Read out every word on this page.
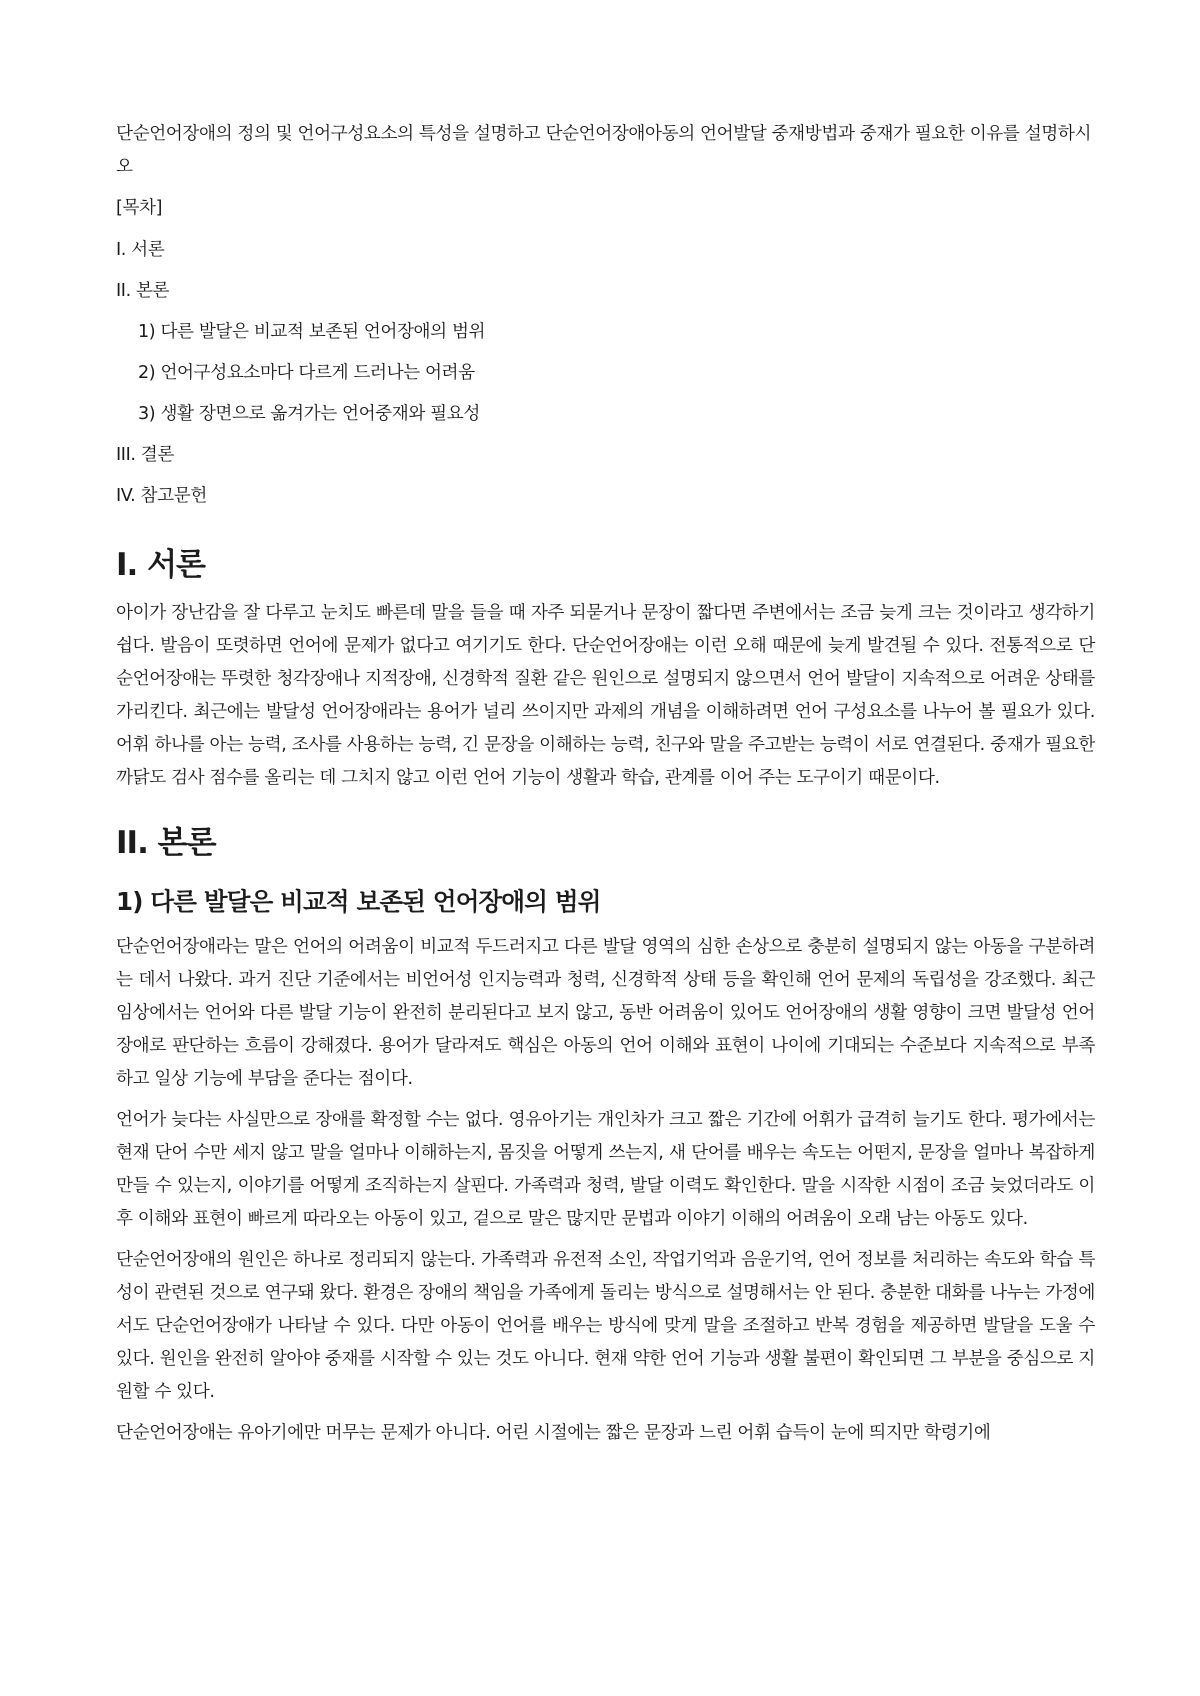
단순언어장애의 정의 및 언어구성요소의 특성을 설명하고 단순언어장애아동의 언어발달 중재방법과 중재가 필요한 이유를 설명하시오

[목차]

I. 서론

II. 본론

1) 다른 발달은 비교적 보존된 언어장애의 범위

2) 언어구성요소마다 다르게 드러나는 어려움

3) 생활 장면으로 옮겨가는 언어중재와 필요성

III. 결론

IV. 참고문헌

I. 서론

아이가 장난감을 잘 다루고 눈치도 빠른데 말을 들을 때 자주 되묻거나 문장이 짧다면 주변에서는 조금 늦게 크는 것이라고 생각하기 쉽다. 발음이 또렷하면 언어에 문제가 없다고 여기기도 한다. 단순언어장애는 이런 오해 때문에 늦게 발견될 수 있다. 전통적으로 단순언어장애는 뚜렷한 청각장애나 지적장애, 신경학적 질환 같은 원인으로 설명되지 않으면서 언어 발달이 지속적으로 어려운 상태를 가리킨다. 최근에는 발달성 언어장애라는 용어가 널리 쓰이지만 과제의 개념을 이해하려면 언어 구성요소를 나누어 볼 필요가 있다. 어휘 하나를 아는 능력, 조사를 사용하는 능력, 긴 문장을 이해하는 능력, 친구와 말을 주고받는 능력이 서로 연결된다. 중재가 필요한 까닭도 검사 점수를 올리는 데 그치지 않고 이런 언어 기능이 생활과 학습, 관계를 이어 주는 도구이기 때문이다.

II. 본론
1) 다른 발달은 비교적 보존된 언어장애의 범위

단순언어장애라는 말은 언어의 어려움이 비교적 두드러지고 다른 발달 영역의 심한 손상으로 충분히 설명되지 않는 아동을 구분하려는 데서 나왔다. 과거 진단 기준에서는 비언어성 인지능력과 청력, 신경학적 상태 등을 확인해 언어 문제의 독립성을 강조했다. 최근 임상에서는 언어와 다른 발달 기능이 완전히 분리된다고 보지 않고, 동반 어려움이 있어도 언어장애의 생활 영향이 크면 발달성 언어장애로 판단하는 흐름이 강해졌다. 용어가 달라져도 핵심은 아동의 언어 이해와 표현이 나이에 기대되는 수준보다 지속적으로 부족하고 일상 기능에 부담을 준다는 점이다.

언어가 늦다는 사실만으로 장애를 확정할 수는 없다. 영유아기는 개인차가 크고 짧은 기간에 어휘가 급격히 늘기도 한다. 평가에서는 현재 단어 수만 세지 않고 말을 얼마나 이해하는지, 몸짓을 어떻게 쓰는지, 새 단어를 배우는 속도는 어떤지, 문장을 얼마나 복잡하게 만들 수 있는지, 이야기를 어떻게 조직하는지 살핀다. 가족력과 청력, 발달 이력도 확인한다. 말을 시작한 시점이 조금 늦었더라도 이후 이해와 표현이 빠르게 따라오는 아동이 있고, 겉으로 말은 많지만 문법과 이야기 이해의 어려움이 오래 남는 아동도 있다.

단순언어장애의 원인은 하나로 정리되지 않는다. 가족력과 유전적 소인, 작업기억과 음운기억, 언어 정보를 처리하는 속도와 학습 특성이 관련된 것으로 연구돼 왔다. 환경은 장애의 책임을 가족에게 돌리는 방식으로 설명해서는 안 된다. 충분한 대화를 나누는 가정에서도 단순언어장애가 나타날 수 있다. 다만 아동이 언어를 배우는 방식에 맞게 말을 조절하고 반복 경험을 제공하면 발달을 도울 수 있다. 원인을 완전히 알아야 중재를 시작할 수 있는 것도 아니다. 현재 약한 언어 기능과 생활 불편이 확인되면 그 부분을 중심으로 지원할 수 있다.

단순언어장애는 유아기에만 머무는 문제가 아니다. 어린 시절에는 짧은 문장과 느린 어휘 습득이 눈에 띄지만 학령기에
